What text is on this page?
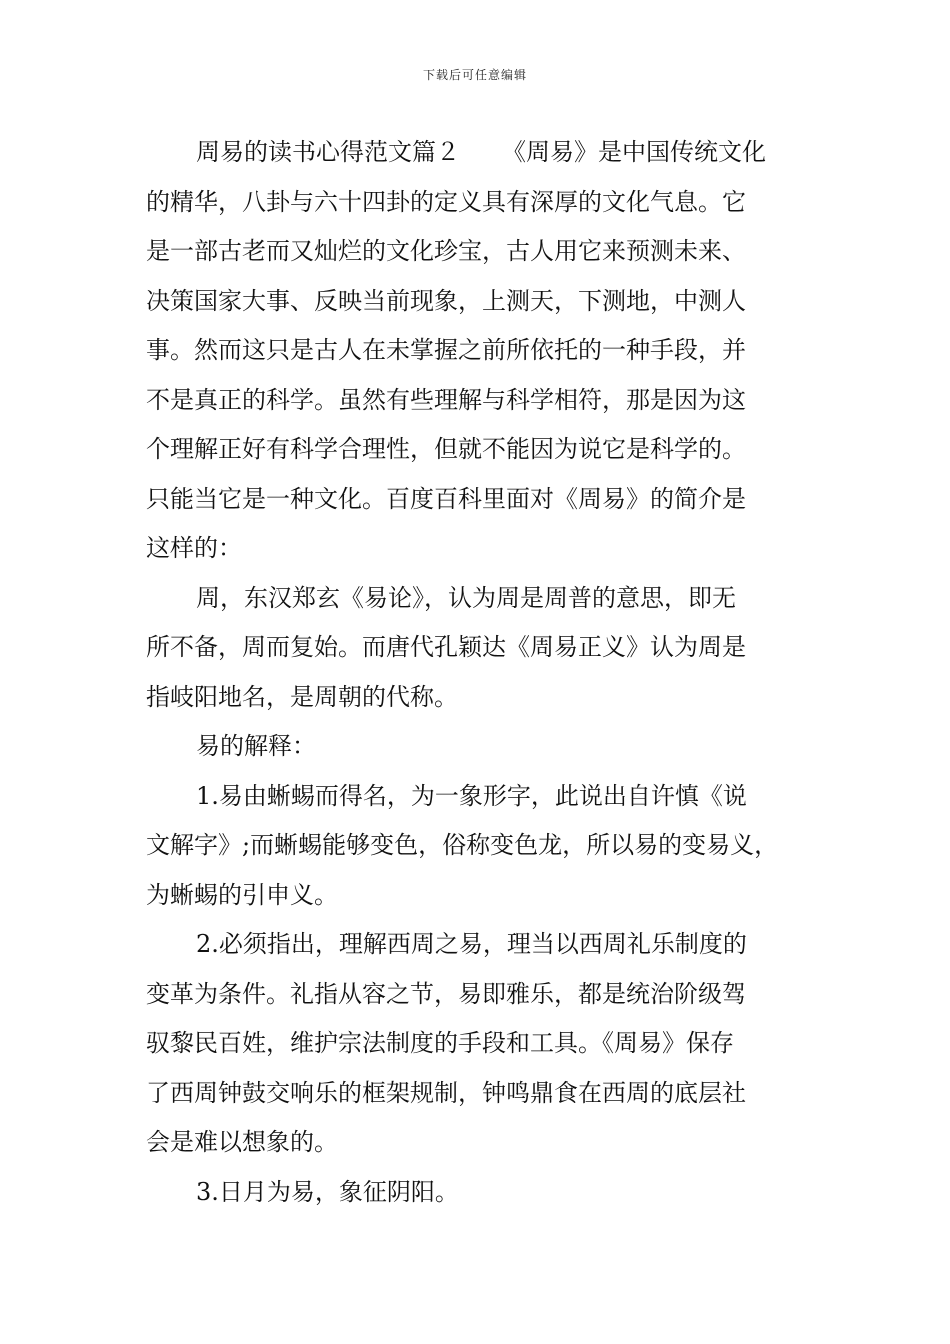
下载后可任意编辑
周易的读书心得范文篇２ 《周易》是中国传统文化
的精华，八卦与六十四卦的定义具有深厚的文化气息。它
是一部古老而又灿烂的文化珍宝，古人用它来预测未来、
决策国家大事、反映当前现象，上测天，下测地，中测人
事。然而这只是古人在未掌握之前所依托的一种手段，并
不是真正的科学。虽然有些理解与科学相符，那是因为这
个理解正好有科学合理性，但就不能因为说它是科学的。
只能当它是一种文化。百度百科里面对《周易》的简介是
这样的：
周，东汉郑玄《易论》，认为周是周普的意思，即无
所不备，周而复始。而唐代孔颖达《周易正义》认为周是
指岐阳地名，是周朝的代称。
易的解释：
1.易由蜥蜴而得名，为一象形字，此说出自许慎《说
文解字》;而蜥蜴能够变色，俗称变色龙，所以易的变易义，
为蜥蜴的引申义。
2.必须指出，理解西周之易，理当以西周礼乐制度的
变革为条件。礼指从容之节，易即雅乐，都是统治阶级驾
驭黎民百姓，维护宗法制度的手段和工具。《周易》保存
了西周钟鼓交响乐的框架规制，钟鸣鼎食在西周的底层社
会是难以想象的。
3.日月为易，象征阴阳。
